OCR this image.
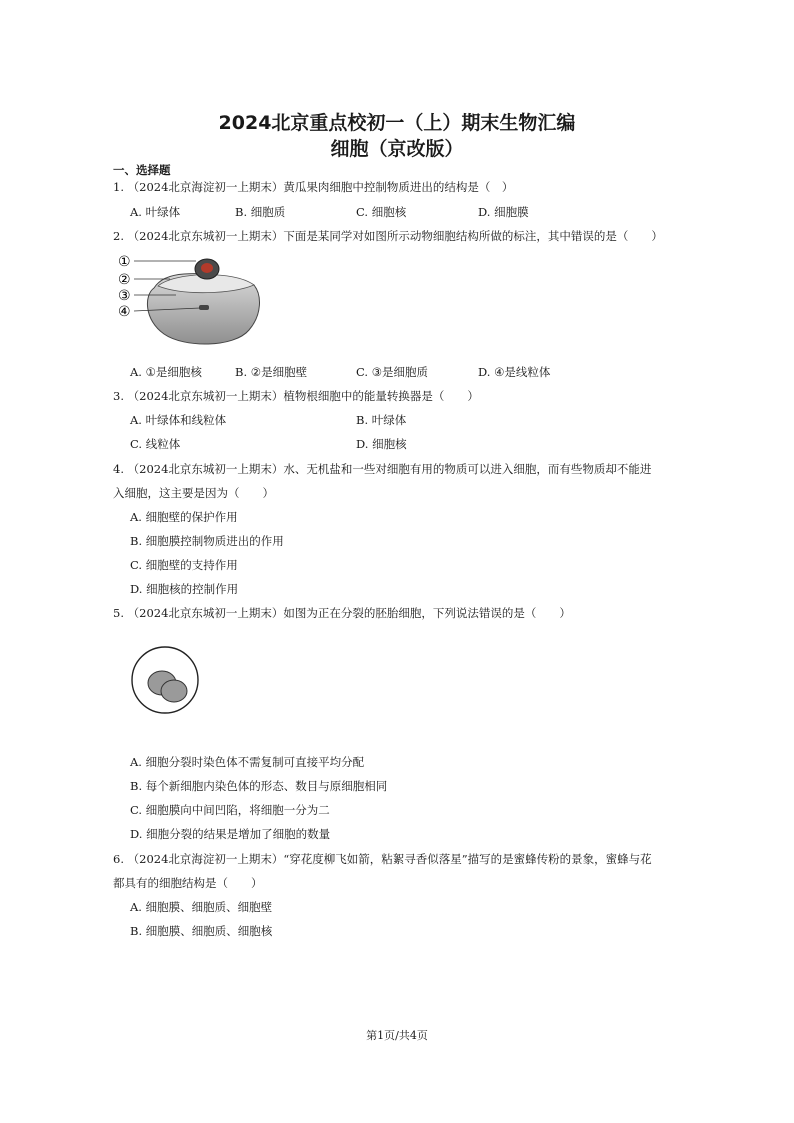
2024北京重点校初一（上）期末生物汇编
细胞（京改版）
一、选择题
1. （2024北京海淀初一上期末）黄瓜果肉细胞中控制物质进出的结构是（　）
A. 叶绿体	B. 细胞质	C. 细胞核	D. 细胞膜
2. （2024北京东城初一上期末）下面是某同学对如图所示动物细胞结构所做的标注，其中错误的是（　　）
①
②
③
④
A. ①是细胞核	B. ②是细胞壁	C. ③是细胞质	D. ④是线粒体
3. （2024北京东城初一上期末）植物根细胞中的能量转换器是（　　）
A. 叶绿体和线粒体	B. 叶绿体
C. 线粒体	D. 细胞核
4. （2024北京东城初一上期末）水、无机盐和一些对细胞有用的物质可以进入细胞，而有些物质却不能进
入细胞，这主要是因为（　　）
A. 细胞壁的保护作用
B. 细胞膜控制物质进出的作用
C. 细胞壁的支持作用
D. 细胞核的控制作用
5. （2024北京东城初一上期末）如图为正在分裂的胚胎细胞，下列说法错误的是（　　）
A. 细胞分裂时染色体不需复制可直接平均分配
B. 每个新细胞内染色体的形态、数目与原细胞相同
C. 细胞膜向中间凹陷，将细胞一分为二
D. 细胞分裂的结果是增加了细胞的数量
6. （2024北京海淀初一上期末）“穿花度柳飞如箭，粘絮寻香似落星”描写的是蜜蜂传粉的景象，蜜蜂与花
都具有的细胞结构是（　　）
A. 细胞膜、细胞质、细胞壁
B. 细胞膜、细胞质、细胞核
第1页/共4页
